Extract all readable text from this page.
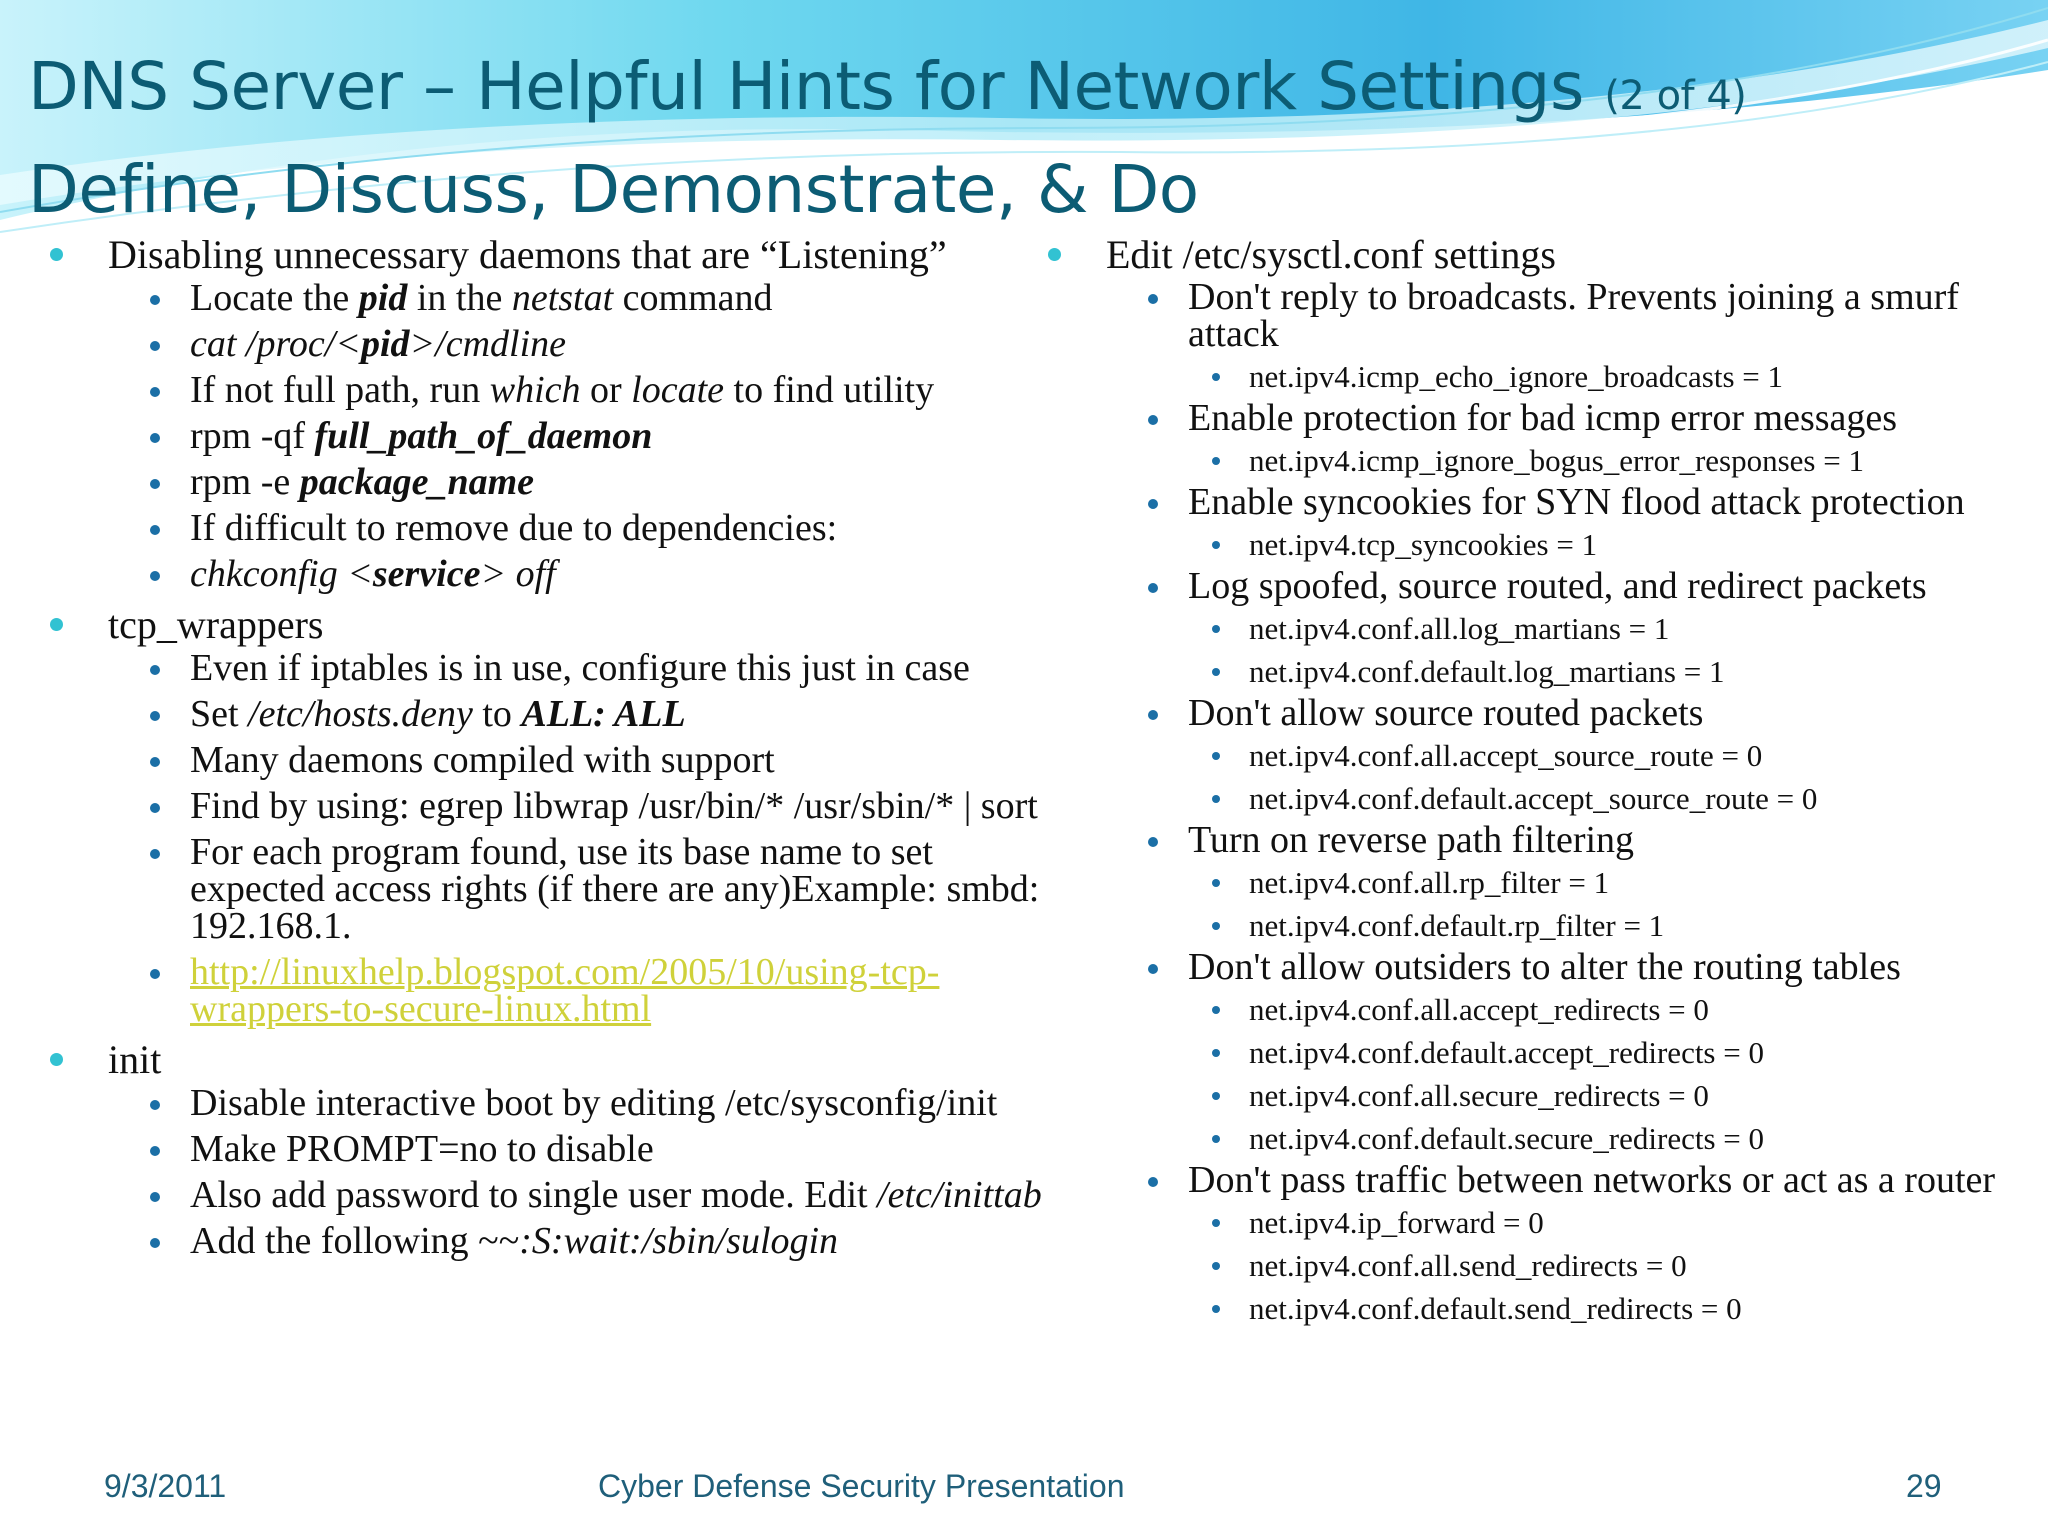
DNS Server – Helpful Hints for Network Settings (2 of 4)
Define, Discuss, Demonstrate, & Do
Disabling unnecessary daemons that are “Listening”
Locate the pid in the netstat command
cat /proc/<pid>/cmdline
If not full path, run which or locate to find utility
rpm -qf full_path_of_daemon
rpm -e package_name
If difficult to remove due to dependencies:
chkconfig <service> off
tcp_wrappers
Even if iptables is in use, configure this just in case
Set /etc/hosts.deny to ALL: ALL
Many daemons compiled with support
Find by using: egrep libwrap /usr/bin/* /usr/sbin/* | sort
For each program found, use its base name to set expected access rights (if there are any)Example: smbd: 192.168.1.
http://linuxhelp.blogspot.com/2005/10/using-tcp-wrappers-to-secure-linux.html
init
Disable interactive boot by editing /etc/sysconfig/init
Make PROMPT=no to disable
Also add password to single user mode. Edit /etc/inittab
Add the following ~~:S:wait:/sbin/sulogin
Edit /etc/sysctl.conf settings
Don't reply to broadcasts. Prevents joining a smurf attack
net.ipv4.icmp_echo_ignore_broadcasts = 1
Enable protection for bad icmp error messages
net.ipv4.icmp_ignore_bogus_error_responses = 1
Enable syncookies for SYN flood attack protection
net.ipv4.tcp_syncookies = 1
Log spoofed, source routed, and redirect packets
net.ipv4.conf.all.log_martians = 1
net.ipv4.conf.default.log_martians = 1
Don't allow source routed packets
net.ipv4.conf.all.accept_source_route = 0
net.ipv4.conf.default.accept_source_route = 0
Turn on reverse path filtering
net.ipv4.conf.all.rp_filter = 1
net.ipv4.conf.default.rp_filter = 1
Don't allow outsiders to alter the routing tables
net.ipv4.conf.all.accept_redirects = 0
net.ipv4.conf.default.accept_redirects = 0
net.ipv4.conf.all.secure_redirects = 0
net.ipv4.conf.default.secure_redirects = 0
Don't pass traffic between networks or act as a router
net.ipv4.ip_forward = 0
net.ipv4.conf.all.send_redirects = 0
net.ipv4.conf.default.send_redirects = 0
9/3/2011	Cyber Defense Security Presentation	29
